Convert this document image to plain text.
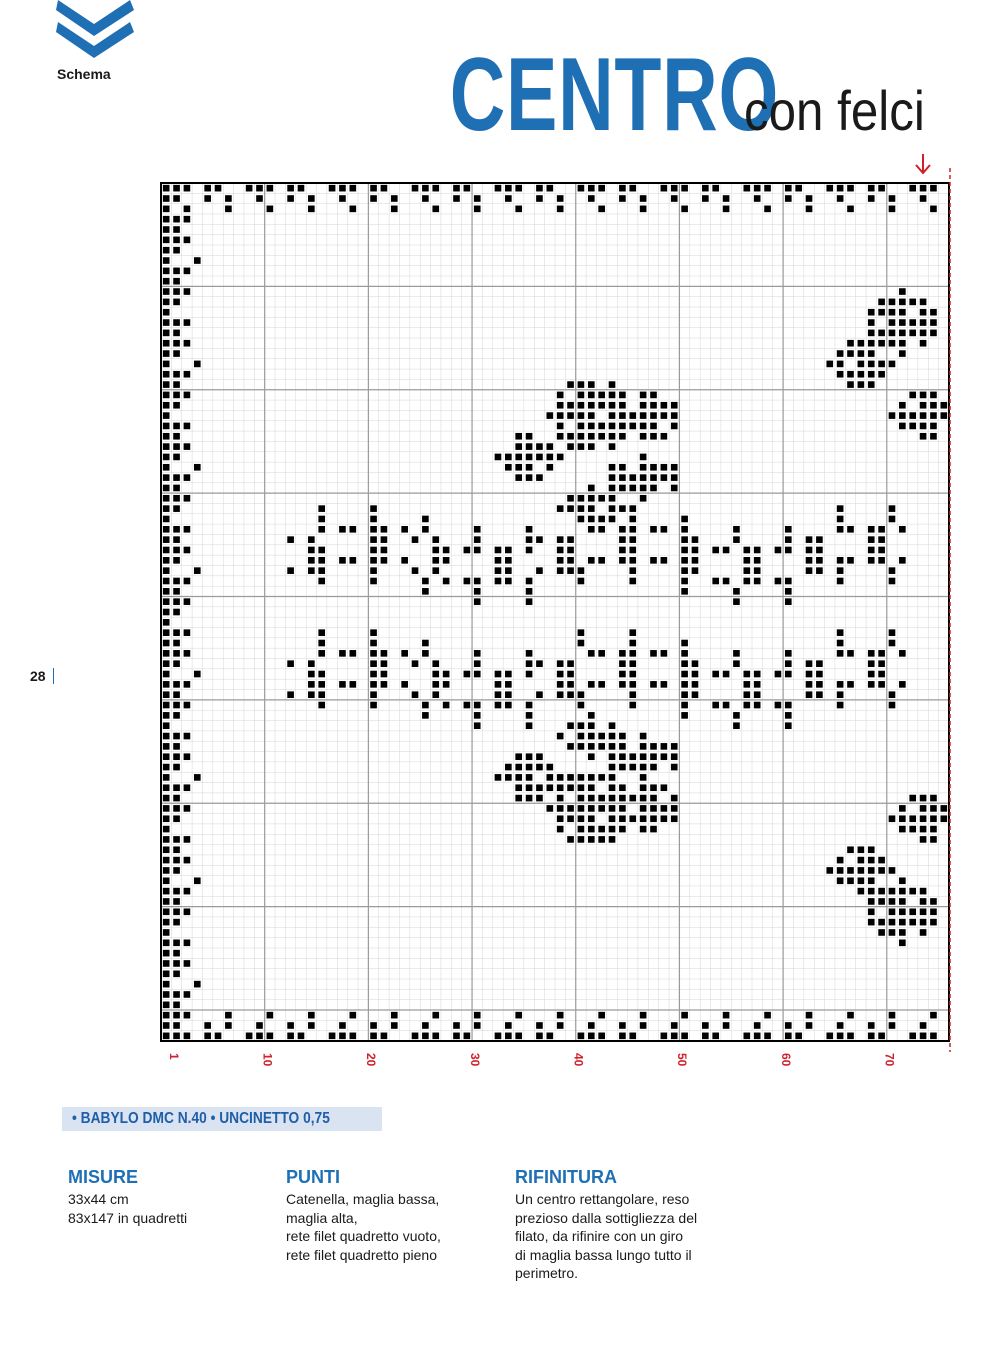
Schema	CENTRO con felci
28
1	10	20	30	40	50	60	70
• BABYLO DMC N.40 • UNCINETTO 0,75
MISURE
33x44 cm
83x147 in quadretti
PUNTI
Catenella, maglia bassa,
maglia alta,
rete filet quadretto vuoto,
rete filet quadretto pieno
RIFINITURA
Un centro rettangolare, reso
prezioso dalla sottigliezza del
filato, da rifinire con un giro
di maglia bassa lungo tutto il
perimetro.
